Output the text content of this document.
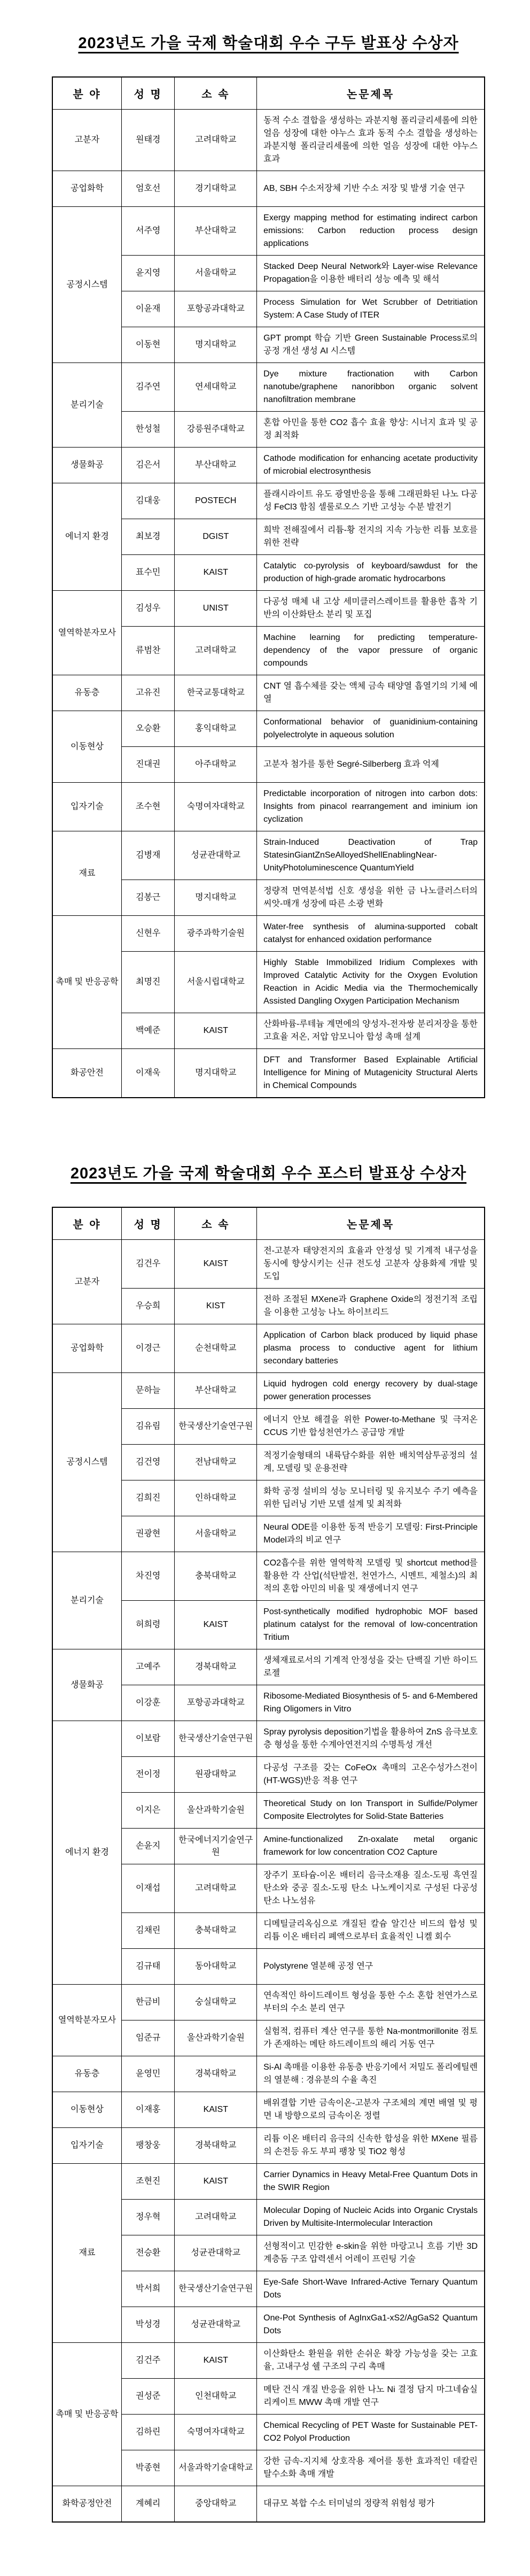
2023년도 가을 국제 학술대회 우수 구두 발표상 수상자
분 야	성 명	소 속	논문제목
고분자	원태경	고려대학교	동적 수소 결합을 생성하는 과분지형 폴리글리세롤에 의한 얼음 성장에 대한 야누스 효과 동적 수소 결합을 생성하는 과분지형 폴리글리세롤에 의한 얼음 성장에 대한 야누스 효과

공업화학	엄호선	경기대학교	AB, SBH 수소저장체 기반 수소 저장 및 발생 기술 연구

공정시스템	서주영	부산대학교	Exergy mapping method for estimating indirect carbon emissions: Carbon reduction process design applications

	윤지영	서울대학교	Stacked Deep Neural Network와 Layer-wise Relevance Propagation을 이용한 배터리 성능 예측 및 해석

	이윤재	포항공과대학교	Process Simulation for Wet Scrubber of Detritiation System: A Case Study of ITER

	이동현	명지대학교	GPT prompt 학습 기반 Green Sustainable Process로의 공정 개선 생성 AI 시스템

분리기술	김주연	연세대학교	Dye mixture fractionation with Carbon nanotube/graphene nanoribbon organic solvent nanofiltration membrane

	한성철	강릉원주대학교	혼합 아민을 통한 CO2 흡수 효율 향상: 시너지 효과 및 공정 최적화

생물화공	김은서	부산대학교	Cathode modification for enhancing acetate productivity of microbial electrosynthesis

에너지 환경	김대웅	POSTECH	플래시라이트 유도 광열반응을 통해 그래핀화된 나노 다공성 FeCl3 함침 셀룰로오스 기반 고성능 수분 발전기

	최보경	DGIST	희박 전해질에서 리튬-황 전지의 지속 가능한 리튬 보호를 위한 전략

	표수민	KAIST	Catalytic co-pyrolysis of keyboard/sawdust for the production of high-grade aromatic hydrocarbons

열역학분자모사	김성우	UNIST	다공성 매체 내 고상 세미클러스레이트를 활용한 흡착 기반의 이산화탄소 분리 및 포집

	류범찬	고려대학교	Machine learning for predicting temperature-dependency of the vapor pressure of organic compounds

유동층	고유진	한국교통대학교	CNT 열 흡수체를 갖는 액체 금속 태양열 흡열기의 기체 예열

이동현상	오승환	홍익대학교	Conformational behavior of guanidinium-containing polyelectrolyte in aqueous solution

	진대권	아주대학교	고분자 첨가를 통한 Segré-Silberberg 효과 억제

입자기술	조수현	숙명여자대학교	Predictable incorporation of nitrogen into carbon dots: Insights from pinacol rearrangement and iminium ion cyclization

재료	김병재	성균관대학교	Strain-Induced Deactivation of Trap StatesinGiantZnSeAlloyedShellEnablingNear-UnityPhotoluminescence QuantumYield

	김봉근	명지대학교	정량적 면역분석법 신호 생성을 위한 금 나노클러스터의 씨앗-매개 성장에 따른 소광 변화

촉매 및 반응공학	신현우	광주과학기술원	Water-free synthesis of alumina-supported cobalt catalyst for enhanced oxidation performance

	최명진	서울시립대학교	Highly Stable Immobilized Iridium Complexes with Improved Catalytic Activity for the Oxygen Evolution Reaction in Acidic Media via the Thermochemically Assisted Dangling Oxygen Participation Mechanism

	백예준	KAIST	산화바륨-루테늄 계면에의 양성자-전자쌍 분리저장을 통한 고효율 저온, 저압 암모니아 합성 촉매 설계

화공안전	이재욱	명지대학교	DFT and Transformer Based Explainable Artificial Intelligence for Mining of Mutagenicity Structural Alerts in Chemical Compounds
2023년도 가을 국제 학술대회 우수 포스터 발표상 수상자
분 야	성 명	소 속	논문제목
고분자	김건우	KAIST	전-고분자 태양전지의 효율과 안정성 및 기계적 내구성을 동시에 향상시키는 신규 전도성 고분자 상용화제 개발 및 도입

	우승희	KIST	전하 조절된 MXene과 Graphene Oxide의 정전기적 조립을 이용한 고성능 나노 하이브리드

공업화학	이경근	순천대학교	Application of Carbon black produced by liquid phase plasma process to conductive agent for lithium secondary batteries

공정시스템	문하늘	부산대학교	Liquid hydrogen cold energy recovery by dual-stage power generation processes

	김유림	한국생산기술연구원	에너지 안보 해결을 위한 Power-to-Methane 및 극저온 CCUS 기반 합성천연가스 공급망 개발

	김건영	전남대학교	적정기술형태의 내륙담수화를 위한 배치역삼투공정의 설계, 모델링 및 운용전략

	김희진	인하대학교	화학 공정 설비의 성능 모니터링 및 유지보수 주기 예측을 위한 딥러닝 기반 모델 설계 및 최적화

	권광현	서울대학교	Neural ODE를 이용한 동적 반응기 모델링: First-Principle Model과의 비교 연구

분리기술	차진영	충북대학교	CO2흡수를 위한 열역학적 모델링 및 shortcut method를 활용한 각 산업(석탄발전, 천연가스, 시멘트, 제철소)의 최적의 혼합 아민의 비율 및 재생에너지 연구

	허희령	KAIST	Post-synthetically modified hydrophobic MOF based platinum catalyst for the removal of low-concentration Tritium

생물화공	고예주	경북대학교	생체재료로서의 기계적 안정성을 갖는 단백질 기반 하이드로젤

	이강훈	포항공과대학교	Ribosome-Mediated Biosynthesis of 5- and 6-Membered Ring Oligomers in Vitro

에너지 환경	이보람	한국생산기술연구원	Spray pyrolysis deposition기법을 활용하여 ZnS 음극보호층 형성을 통한 수계아연전지의 수명특성 개선

	전이정	원광대학교	다공성 구조를 갖는 CoFeOx 촉매의 고온수성가스전이(HT-WGS)반응 적용 연구

	이지은	울산과학기술원	Theoretical Study on Ion Transport in Sulfide/Polymer Composite Electrolytes for Solid-State Batteries

	손윤지	한국에너지기술연구원	Amine-functionalized Zn-oxalate metal organic framework for low concentration CO2 Capture

	이재섭	고려대학교	장주기 포타슘-이온 배터리 음극소재용 질소-도핑 흑연질 탄소와 중공 질소-도핑 탄소 나노케이지로 구성된 다공성 탄소 나노섬유

	김채린	충북대학교	디메틸글리옥심으로 개질된 칼슘 알긴산 비드의 합성 및 리튬 이온 배터리 폐액으로부터 효율적인 니켈 회수

	김규태	동아대학교	Polystyrene 열분해 공정 연구

열역학분자모사	한금비	숭실대학교	연속적인 하이드레이트 형성을 통한 수소 혼합 천연가스로부터의 수소 분리 연구

	임준규	울산과학기술원	실험적, 컴퓨터 계산 연구를 통한 Na-montmorillonite 점토가 존재하는 메탄 하드레이트의 해리 거동 연구

유동층	윤영민	경북대학교	Si-Al 촉매를 이용한 유동층 반응기에서 저밀도 폴리에틸렌의 열분해 : 경유분의 수율 촉진

이동현상	이재홍	KAIST	배위결합 기반 금속이온-고분자 구조체의 계면 배열 및 평면 내 방향으로의 금속이온 정렬

입자기술	팽창웅	경북대학교	리튬 이온 배터리 음극의 신속한 합성을 위한 MXene 필름의 손전등 유도 부피 팽창 및 TiO2 형성

재료	조현진	KAIST	Carrier Dynamics in Heavy Metal-Free Quantum Dots in the SWIR Region

	정우혁	고려대학교	Molecular Doping of Nucleic Acids into Organic Crystals Driven by Multisite-Intermolecular Interaction

	전승환	성균관대학교	선형적이고 민감한 e-skin을 위한 마랑고니 흐름 기반 3D 계층돔 구조 압력센서 어레이 프린팅 기술

	박서희	한국생산기술연구원	Eye-Safe Short-Wave Infrared-Active Ternary Quantum Dots

	박성경	성균관대학교	One-Pot Synthesis of AgInxGa1-xS2/AgGaS2 Quantum Dots

촉매 및 반응공학	김건주	KAIST	이산화탄소 환원을 위한 손쉬운 확장 가능성을 갖는 고효율, 고내구성 쉘 구조의 구리 촉매

	권성준	인천대학교	메탄 건식 개질 반응을 위한 나노 Ni 결정 담지 마그네슘실리케이트 MWW 촉매 개발 연구

	김하린	숙명여자대학교	Chemical Recycling of PET Waste for Sustainable PET-CO2 Polyol Production

	박종현	서울과학기술대학교	강한 금속-지지체 상호작용 제어를 통한 효과적인 데칼린 탈수소화 촉매 개발

화학공정안전	계혜리	중앙대학교	대규모 복합 수소 터미널의 정량적 위험성 평가
